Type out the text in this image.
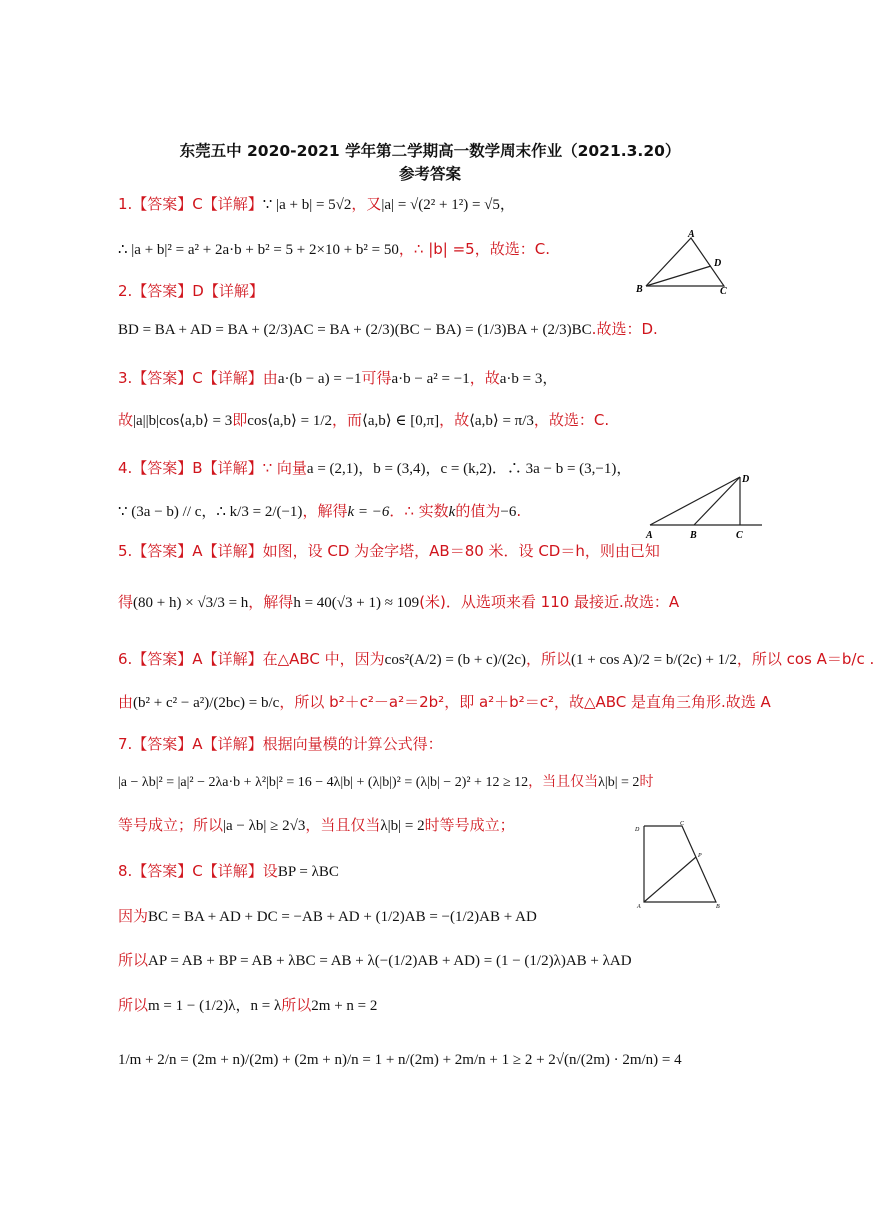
东莞五中 2020-2021 学年第二学期高一数学周末作业（2021.3.20）
参考答案
1.【答案】C【详解】∵ |a + b| = 5√2，又|a| = √(2² + 1²) = √5，
∴ |a + b|² = a² + 2a·b + b² = 5 + 2×10 + b² = 50，∴ |b| =5，故选：C.
A
D
B	C
2.【答案】D【详解】
BD = BA + AD = BA + (2/3)AC = BA + (2/3)(BC − BA) = (1/3)BA + (2/3)BC.故选：D.
3.【答案】C【详解】由a·(b − a) = −1可得a·b − a² = −1，故a·b = 3，
故|a||b|cos⟨a,b⟩ = 3即cos⟨a,b⟩ = 1/2，而⟨a,b⟩ ∈ [0,π]，故⟨a,b⟩ = π/3，故选：C.
4.【答案】B【详解】∵ 向量a = (2,1)，b = (3,4)，c = (k,2)．∴ 3a − b = (3,−1)，
∵ (3a − b) // c，∴ k/3 = 2/(−1)，解得k = −6．∴ 实数k的值为−6.
D
A	B	C
5.【答案】A【详解】如图，设 CD 为金字塔，AB＝80 米．设 CD＝h，则由已知
得(80 + h) × √3/3 = h，解得h = 40(√3 + 1) ≈ 109(米)．从选项来看 110 最接近.故选：A
6.【答案】A【详解】在△ABC 中，因为cos²(A/2) = (b + c)/(2c)，所以(1 + cos A)/2 = b/(2c) + 1/2，所以 cos A＝b/c .
由(b² + c² − a²)/(2bc) = b/c，所以 b²＋c²－a²＝2b²，即 a²＋b²＝c²，故△ABC 是直角三角形.故选 A
7.【答案】A【详解】根据向量模的计算公式得：
|a − λb|² = |a|² − 2λa·b + λ²|b|² = 16 − 4λ|b| + (λ|b|)² = (λ|b| − 2)² + 12 ≥ 12，当且仅当λ|b| = 2时
等号成立；所以|a − λb| ≥ 2√3，当且仅当λ|b| = 2时等号成立；	D
C
P
A	B
8.【答案】C【详解】设BP = λBC
因为BC = BA + AD + DC = −AB + AD + (1/2)AB = −(1/2)AB + AD
所以AP = AB + BP = AB + λBC = AB + λ(−(1/2)AB + AD) = (1 − (1/2)λ)AB + λAD
所以m = 1 − (1/2)λ，n = λ所以2m + n = 2
1/m + 2/n = (2m + n)/(2m) + (2m + n)/n = 1 + n/(2m) + 2m/n + 1 ≥ 2 + 2√(n/(2m) · 2m/n) = 4
